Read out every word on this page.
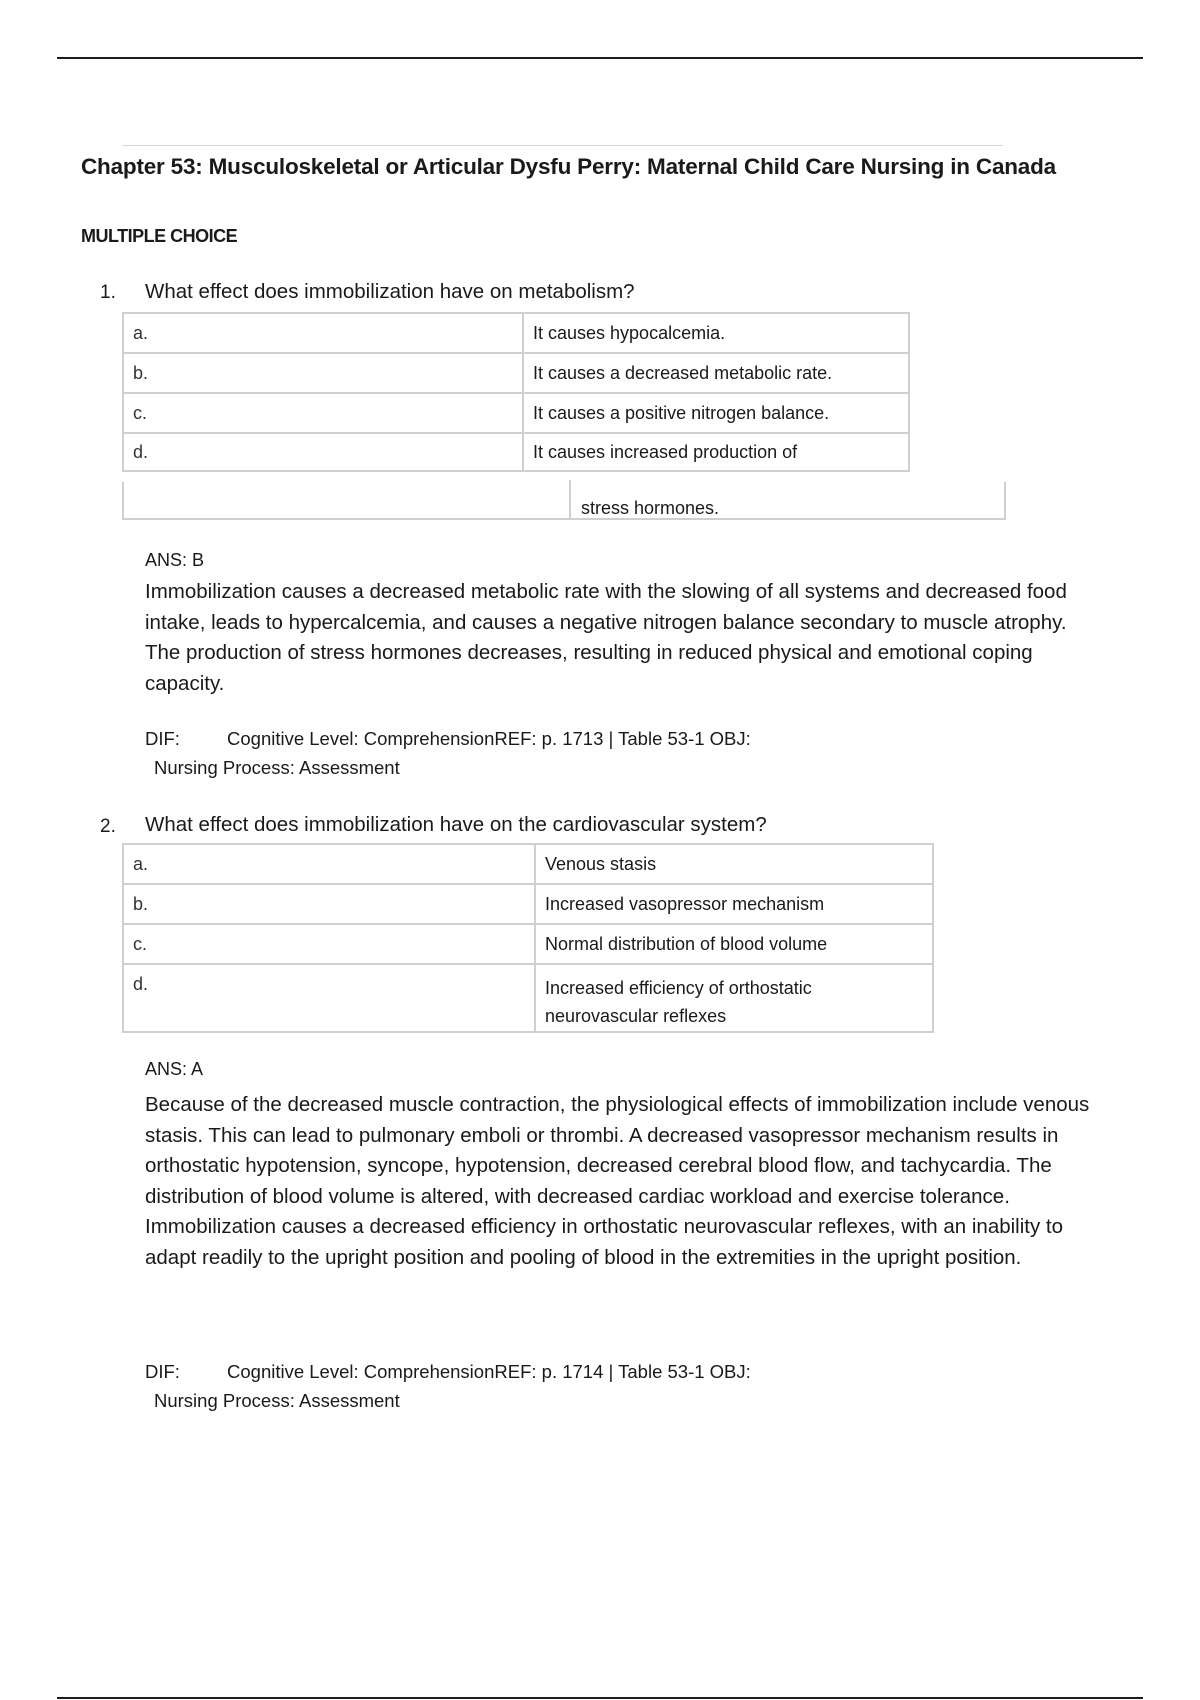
Chapter 53: Musculoskeletal or Articular Dysfu Perry: Maternal Child Care Nursing in Canada
MULTIPLE CHOICE
1. What effect does immobilization have on metabolism?
a.	It causes hypocalcemia.
b.	It causes a decreased metabolic rate.
c.	It causes a positive nitrogen balance.
d.	It causes increased production of
stress hormones.
ANS: B

Immobilization causes a decreased metabolic rate with the slowing of all systems and decreased food intake, leads to hypercalcemia, and causes a negative nitrogen balance secondary to muscle atrophy. The production of stress hormones decreases, resulting in reduced physical and emotional coping capacity.

DIF:	Cognitive Level: ComprehensionREF: p. 1713 | Table 53-1 OBJ:
Nursing Process: Assessment
2. What effect does immobilization have on the cardiovascular system?
a.	Venous stasis
b.	Increased vasopressor mechanism
c.	Normal distribution of blood volume
d.	Increased efficiency of orthostatic neurovascular reflexes
ANS: A

Because of the decreased muscle contraction, the physiological effects of immobilization include venous stasis. This can lead to pulmonary emboli or thrombi. A decreased vasopressor mechanism results in orthostatic hypotension, syncope, hypotension, decreased cerebral blood flow, and tachycardia. The distribution of blood volume is altered, with decreased cardiac workload and exercise tolerance.

Immobilization causes a decreased efficiency in orthostatic neurovascular reflexes, with an inability to adapt readily to the upright position and pooling of blood in the extremities in the upright position.

DIF:	Cognitive Level: ComprehensionREF: p. 1714 | Table 53-1 OBJ:
Nursing Process: Assessment
